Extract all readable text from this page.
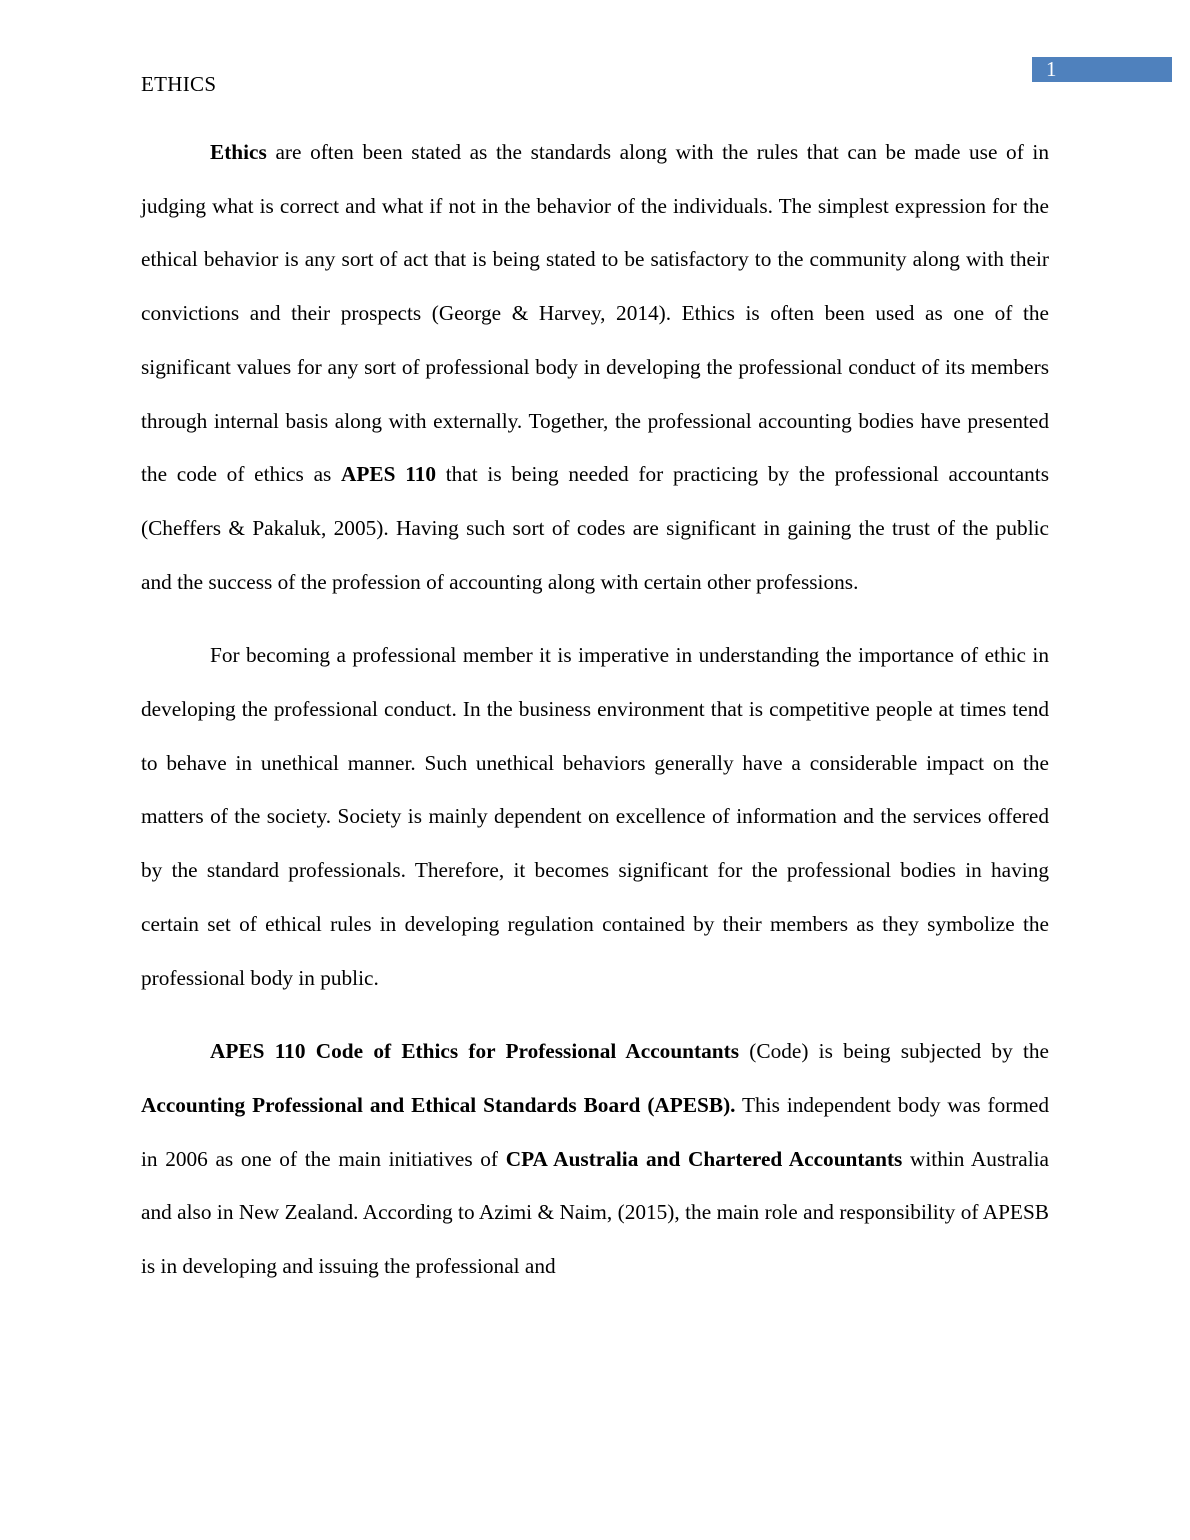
ETHICS
1

Ethics are often been stated as the standards along with the rules that can be made use of in judging what is correct and what if not in the behavior of the individuals. The simplest expression for the ethical behavior is any sort of act that is being stated to be satisfactory to the community along with their convictions and their prospects (George & Harvey, 2014). Ethics is often been used as one of the significant values for any sort of professional body in developing the professional conduct of its members through internal basis along with externally. Together, the professional accounting bodies have presented the code of ethics as APES 110 that is being needed for practicing by the professional accountants (Cheffers & Pakaluk, 2005). Having such sort of codes are significant in gaining the trust of the public and the success of the profession of accounting along with certain other professions.

For becoming a professional member it is imperative in understanding the importance of ethic in developing the professional conduct. In the business environment that is competitive people at times tend to behave in unethical manner. Such unethical behaviors generally have a considerable impact on the matters of the society. Society is mainly dependent on excellence of information and the services offered by the standard professionals. Therefore, it becomes significant for the professional bodies in having certain set of ethical rules in developing regulation contained by their members as they symbolize the professional body in public.

APES 110 Code of Ethics for Professional Accountants (Code) is being subjected by the Accounting Professional and Ethical Standards Board (APESB). This independent body was formed in 2006 as one of the main initiatives of CPA Australia and Chartered Accountants within Australia and also in New Zealand. According to Azimi & Naim, (2015), the main role and responsibility of APESB is in developing and issuing the professional and
